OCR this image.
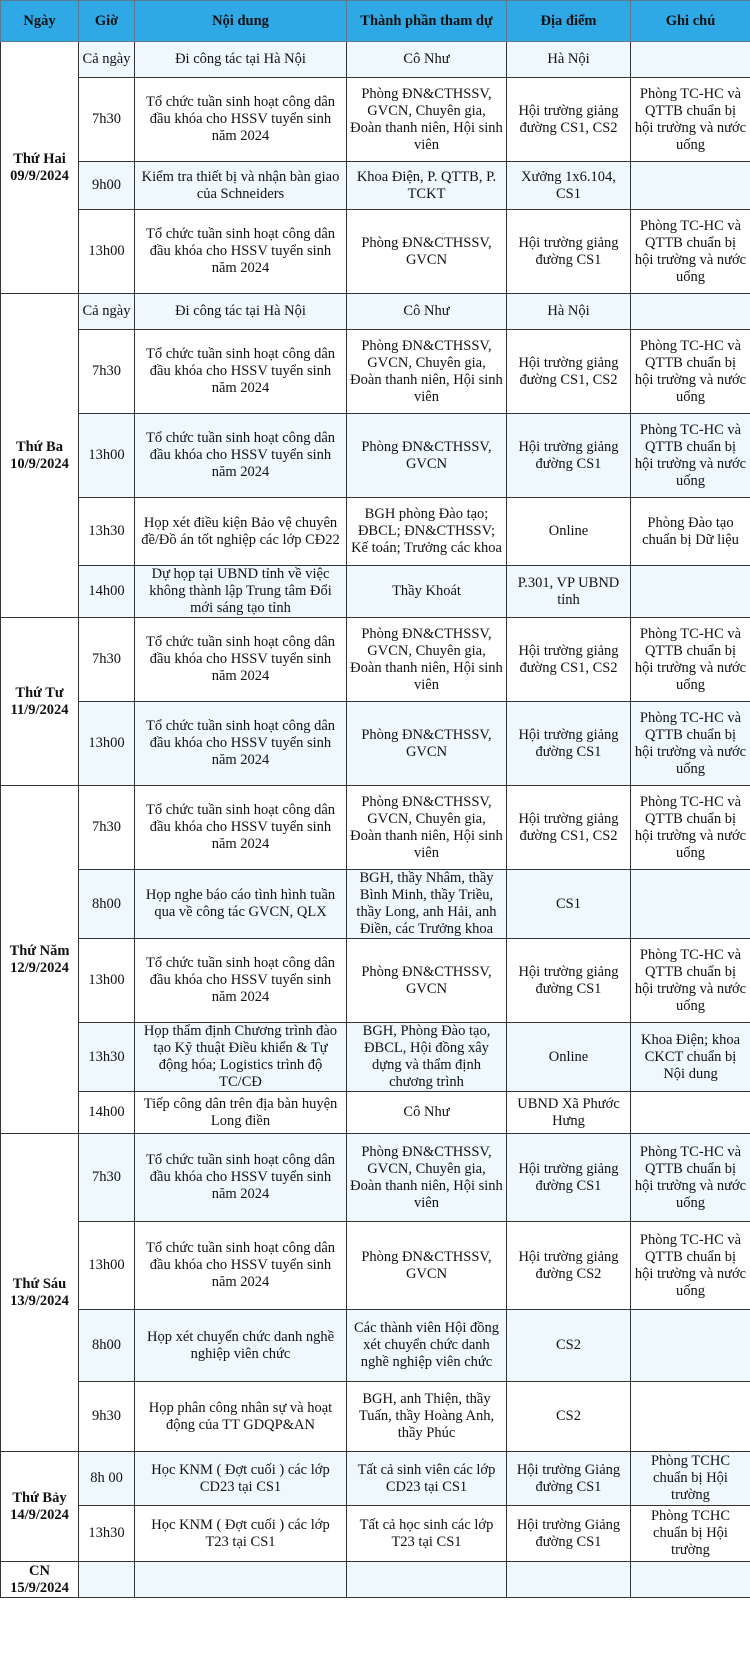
Ngày	Giờ	Nội dung	Thành phần tham dự	Địa điểm	Ghi chú
Thứ Hai
09/9/2024	Cả ngày	Đi công tác tại Hà Nội	Cô Như	Hà Nội	
	7h30	Tổ chức tuần sinh hoạt công dân đầu khóa cho HSSV tuyển sinh năm 2024	Phòng ĐN&CTHSSV, GVCN, Chuyên gia, Đoàn thanh niên, Hội sinh viên	Hội trường giảng đường CS1, CS2	Phòng TC-HC và QTTB chuẩn bị hội trường và nước uống
	9h00	Kiểm tra thiết bị và nhận bàn giao của Schneiders	Khoa Điện, P. QTTB, P. TCKT	Xưởng 1x6.104, CS1	
	13h00	Tổ chức tuần sinh hoạt công dân đầu khóa cho HSSV tuyển sinh năm 2024	Phòng ĐN&CTHSSV, GVCN	Hội trường giảng đường CS1	Phòng TC-HC và QTTB chuẩn bị hội trường và nước uống
Thứ Ba
10/9/2024	Cả ngày	Đi công tác tại Hà Nội	Cô Như	Hà Nội	
	7h30	Tổ chức tuần sinh hoạt công dân đầu khóa cho HSSV tuyển sinh năm 2024	Phòng ĐN&CTHSSV, GVCN, Chuyên gia, Đoàn thanh niên, Hội sinh viên	Hội trường giảng đường CS1, CS2	Phòng TC-HC và QTTB chuẩn bị hội trường và nước uống
	13h00	Tổ chức tuần sinh hoạt công dân đầu khóa cho HSSV tuyển sinh năm 2024	Phòng ĐN&CTHSSV, GVCN	Hội trường giảng đường CS1	Phòng TC-HC và QTTB chuẩn bị hội trường và nước uống
	13h30	Họp xét điều kiện Bảo vệ chuyên đề/Đồ án tốt nghiệp các lớp CĐ22	BGH phòng Đào tạo; ĐBCL; ĐN&CTHSSV; Kế toán; Trưởng các khoa	Online	Phòng Đào tạo chuẩn bị Dữ liệu
	14h00	Dự họp tại UBND tỉnh về việc không thành lập Trung tâm Đổi mới sáng tạo tỉnh	Thầy Khoát	P.301, VP UBND tỉnh	
Thứ Tư
11/9/2024	7h30	Tổ chức tuần sinh hoạt công dân đầu khóa cho HSSV tuyển sinh năm 2024	Phòng ĐN&CTHSSV, GVCN, Chuyên gia, Đoàn thanh niên, Hội sinh viên	Hội trường giảng đường CS1, CS2	Phòng TC-HC và QTTB chuẩn bị hội trường và nước uống
	13h00	Tổ chức tuần sinh hoạt công dân đầu khóa cho HSSV tuyển sinh năm 2024	Phòng ĐN&CTHSSV, GVCN	Hội trường giảng đường CS1	Phòng TC-HC và QTTB chuẩn bị hội trường và nước uống
Thứ Năm
12/9/2024	7h30	Tổ chức tuần sinh hoạt công dân đầu khóa cho HSSV tuyển sinh năm 2024	Phòng ĐN&CTHSSV, GVCN, Chuyên gia, Đoàn thanh niên, Hội sinh viên	Hội trường giảng đường CS1, CS2	Phòng TC-HC và QTTB chuẩn bị hội trường và nước uống
	8h00	Họp nghe báo cáo tình hình tuần qua về công tác GVCN, QLX	BGH, thầy Nhâm, thầy Bình Minh, thầy Triều, thầy Long, anh Hải, anh Điền, các Trưởng khoa	CS1	
	13h00	Tổ chức tuần sinh hoạt công dân đầu khóa cho HSSV tuyển sinh năm 2024	Phòng ĐN&CTHSSV, GVCN	Hội trường giảng đường CS1	Phòng TC-HC và QTTB chuẩn bị hội trường và nước uống
	13h30	Họp thẩm định Chương trình đào tạo Kỹ thuật Điều khiển & Tự động hóa; Logistics trình độ TC/CĐ	BGH, Phòng Đào tạo, ĐBCL, Hội đồng xây dựng và thẩm định chương trình	Online	Khoa Điện; khoa CKCT chuẩn bị Nội dung
	14h00	Tiếp công dân trên địa bàn huyện Long điền	Cô Như	UBND Xã Phước Hưng	
Thứ Sáu
13/9/2024	7h30	Tổ chức tuần sinh hoạt công dân đầu khóa cho HSSV tuyển sinh năm 2024	Phòng ĐN&CTHSSV, GVCN, Chuyên gia, Đoàn thanh niên, Hội sinh viên	Hội trường giảng đường CS1	Phòng TC-HC và QTTB chuẩn bị hội trường và nước uống
	13h00	Tổ chức tuần sinh hoạt công dân đầu khóa cho HSSV tuyển sinh năm 2024	Phòng ĐN&CTHSSV, GVCN	Hội trường giảng đường CS2	Phòng TC-HC và QTTB chuẩn bị hội trường và nước uống
	8h00	Họp xét chuyển chức danh nghề nghiệp viên chức	Các thành viên Hội đồng xét chuyển chức danh nghề nghiệp viên chức	CS2	
	9h30	Họp phân công nhân sự và hoạt động của TT GDQP&AN	BGH, anh Thiện, thầy Tuấn, thầy Hoàng Anh, thầy Phúc	CS2	
Thứ Bảy
14/9/2024	8h 00	Học KNM ( Đợt cuối ) các lớp CD23 tại CS1	Tất cả sinh viên các lớp CD23 tại CS1	Hội trường Giảng đường CS1	Phòng TCHC chuẩn bị Hội trường
	13h30	Học KNM ( Đợt cuối ) các lớp T23 tại CS1	Tất cả học sinh các lớp T23 tại CS1	Hội trường Giảng đường CS1	Phòng TCHC chuẩn bị Hội trường
CN
15/9/2024					
